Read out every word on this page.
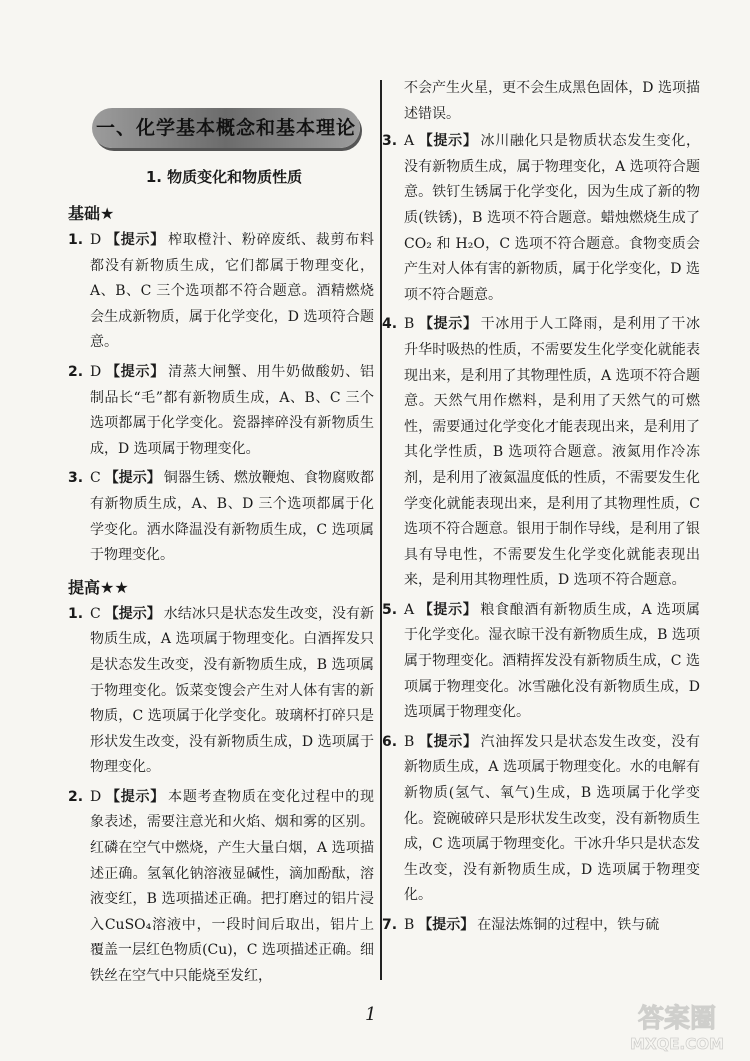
一、化学基本概念和基本理论
1. 物质变化和物质性质
基础★
1. D 【提示】 榨取橙汁、粉碎废纸、裁剪布料都没有新物质生成，它们都属于物理变化，A、B、C 三个选项都不符合题意。酒精燃烧会生成新物质，属于化学变化，D 选项符合题意。
2. D 【提示】 清蒸大闸蟹、用牛奶做酸奶、铝制品长“毛”都有新物质生成，A、B、C 三个选项都属于化学变化。瓷器摔碎没有新物质生成，D 选项属于物理变化。
3. C 【提示】 铜器生锈、燃放鞭炮、食物腐败都有新物质生成，A、B、D 三个选项都属于化学变化。洒水降温没有新物质生成，C 选项属于物理变化。
提高★★
1. C 【提示】 水结冰只是状态发生改变，没有新物质生成，A 选项属于物理变化。白酒挥发只是状态发生改变，没有新物质生成，B 选项属于物理变化。饭菜变馊会产生对人体有害的新物质，C 选项属于化学变化。玻璃杯打碎只是形状发生改变，没有新物质生成，D 选项属于物理变化。
2. D 【提示】 本题考查物质在变化过程中的现象表述，需要注意光和火焰、烟和雾的区别。红磷在空气中燃烧，产生大量白烟，A 选项描述正确。氢氧化钠溶液显碱性，滴加酚酞，溶液变红，B 选项描述正确。把打磨过的铝片浸入CuSO₄溶液中，一段时间后取出，铝片上覆盖一层红色物质(Cu)，C 选项描述正确。细铁丝在空气中只能烧至发红，
不会产生火星，更不会生成黑色固体，D 选项描述错误。
3. A 【提示】 冰川融化只是物质状态发生变化，没有新物质生成，属于物理变化，A 选项符合题意。铁钉生锈属于化学变化，因为生成了新的物质(铁锈)，B 选项不符合题意。蜡烛燃烧生成了CO₂ 和 H₂O，C 选项不符合题意。食物变质会产生对人体有害的新物质，属于化学变化，D 选项不符合题意。
4. B 【提示】 干冰用于人工降雨，是利用了干冰升华时吸热的性质，不需要发生化学变化就能表现出来，是利用了其物理性质，A 选项不符合题意。天然气用作燃料，是利用了天然气的可燃性，需要通过化学变化才能表现出来，是利用了其化学性质，B 选项符合题意。液氮用作冷冻剂，是利用了液氮温度低的性质，不需要发生化学变化就能表现出来，是利用了其物理性质，C 选项不符合题意。银用于制作导线，是利用了银具有导电性，不需要发生化学变化就能表现出来，是利用其物理性质，D 选项不符合题意。
5. A 【提示】 粮食酿酒有新物质生成，A 选项属于化学变化。湿衣晾干没有新物质生成，B 选项属于物理变化。酒精挥发没有新物质生成，C 选项属于物理变化。冰雪融化没有新物质生成，D 选项属于物理变化。
6. B 【提示】 汽油挥发只是状态发生改变，没有新物质生成，A 选项属于物理变化。水的电解有新物质(氢气、氧气)生成，B 选项属于化学变化。瓷碗破碎只是形状发生改变，没有新物质生成，C 选项属于物理变化。干冰升华只是状态发生改变，没有新物质生成，D 选项属于物理变化。
7. B 【提示】 在湿法炼铜的过程中，铁与硫
1	答案圈
MXQE.COM
